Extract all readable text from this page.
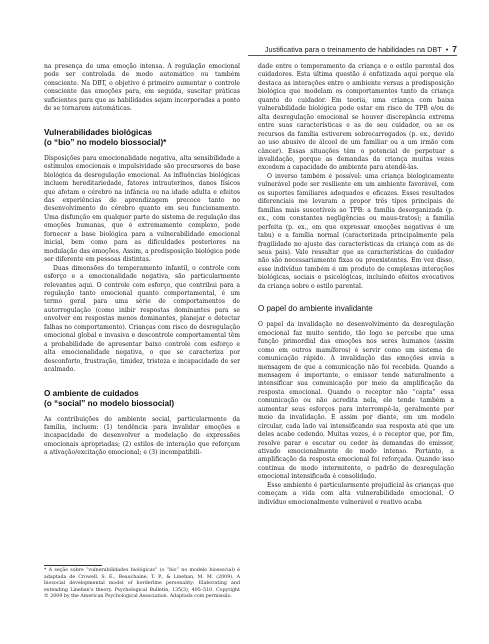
Justificativa para o treinamento de habilidades na DBT • 7

na presença de uma emoção intensa. A regulação emocional pode ser controlada de modo automático ou também consciente. Na DBT, o objetivo é primeiro aumentar o controle consciente das emoções para, em seguida, suscitar práticas suficientes para que as habilidades sejam incorporadas a ponto de se tornarem automáticas.

Vulnerabilidades biológicas
(o “bio” no modelo biossocial)*

Disposições para emocionalidade negativa, alta sensibilidade a estímulos emocionais e impulsividade são precursores de base biológica da desregulação emocional. As influências biológicas incluem hereditariedade, fatores intrauterinos, danos físicos que afetam o cérebro na infância ou na idade adulta e efeitos das experiências de aprendizagem precoce tanto no desenvolvimento do cérebro quanto em seu funcionamento. Uma disfunção em qualquer parte do sistema de regulação das emoções humanas, que é extremamente complexo, pode fornecer a base biológica para a vulnerabilidade emocional inicial, bem como para as dificuldades posteriores na modulação das emoções. Assim, a predisposição biológica pode ser diferente em pessoas distintas.

Duas dimensões do temperamento infantil, o controle com esforço e a emocionalidade negativa, são particularmente relevantes aqui. O controle com esforço, que contribui para a regulação tanto emocional quanto comportamental, é um termo geral para uma série de comportamentos de autorregulação (como inibir respostas dominantes para se envolver em respostas menos dominantes, planejar e detectar falhas no comportamento). Crianças com risco de desregulação emocional global e invasiva e descontrole comportamental têm a probabilidade de apresentar baixo controle com esforço e alta emocionalidade negativa, o que se caracteriza por desconforto, frustração, timidez, tristeza e incapacidade de ser acalmado.

O ambiente de cuidados
(o “social” no modelo biossocial)

As contribuições do ambiente social, particularmente da família, incluem: (1) tendência para invalidar emoções e incapacidade de desenvolver a modelação de expressões emocionais apropriadas; (2) estilos de interação que reforçam a ativação/excitação emocional; e (3) incompatibili-

* A seção sobre “vulnerabilidades biológicas” (o “bio” no modelo biossocial) é adaptada de Crowell, S. E., Beauchaine, T. P., & Linehan, M. M. (2009). A biosocial developmental model of borderline personality: Elaborating and extending Linehan's theory. Psychological Bulletin, 135(3), 495–510. Copyright © 2009 by the American Psychological Association. Adaptada com permissão.

dade entre o temperamento da criança e o estilo parental dos cuidadores. Esta última questão é enfatizada aqui porque ela destaca as interações entre o ambiente versus a predisposição biológica que modelam os comportamentos tanto da criança quanto do cuidador. Em teoria, uma criança com baixa vulnerabilidade biológica pode estar em risco de TPB e/ou de alta desregulação emocional se houver discrepância extrema entre suas características e as de seu cuidador, ou se os recursos da família estiverem sobrecarregados (p. ex., devido ao uso abusivo de álcool de um familiar ou a um irmão com câncer). Essas situações têm o potencial de perpetuar a invalidação, porque as demandas da criança muitas vezes excedem a capacidade do ambiente para atendê-las.

O inverso também é possível: uma criança biologicamente vulnerável pode ser resiliente em um ambiente favorável, com os suportes familiares adequados e eficazes. Esses resultados diferenciais me levaram a propor três tipos principais de famílias mais suscetíveis ao TPB: a família desorganizada (p. ex., com constantes negligências ou maus-tratos); a família perfeita (p. ex., em que expressar emoções negativas é um tabu) e a família normal (caracterizada principalmente pela fragilidade no ajuste das características da criança com as de seus pais). Vale ressaltar que as características do cuidador não são necessariamente fixas ou preexistentes. Em vez disso, esse indivíduo também é um produto de complexas interações biológicas, sociais e psicológicas, incluindo efeitos evocativos da criança sobre o estilo parental.

O papel do ambiente invalidante

O papel da invalidação no desenvolvimento da desregulação emocional faz muito sentido, tão logo se percebe que uma função primordial das emoções nos seres humanos (assim como em outros mamíferos) é servir como um sistema de comunicação rápido. A invalidação das emoções envia a mensagem de que a comunicação não foi recebida. Quando a mensagem é importante, o emissor tende naturalmente a intensificar sua comunicação por meio da amplificação da resposta emocional. Quando o receptor não “capta” essa comunicação ou não acredita nela, ele tende também a aumentar seus esforços para interrompê-la, geralmente por meio da invalidação. E assim por diante, em um modelo circular, cada lado vai intensificando sua resposta até que um deles acabe cedendo. Muitas vezes, é o receptor que, por fim, resolve parar e escutar ou ceder às demandas do emissor, ativado emocionalmente de modo intenso. Portanto, a amplificação da resposta emocional foi reforçada. Quando isso continua de modo intermitente, o padrão de desregulação emocional intensificada é consolidado.

Esse ambiente é particularmente prejudicial às crianças que começam a vida com alta vulnerabilidade emocional. O indivíduo emocionalmente vulnerável e reativo acaba
